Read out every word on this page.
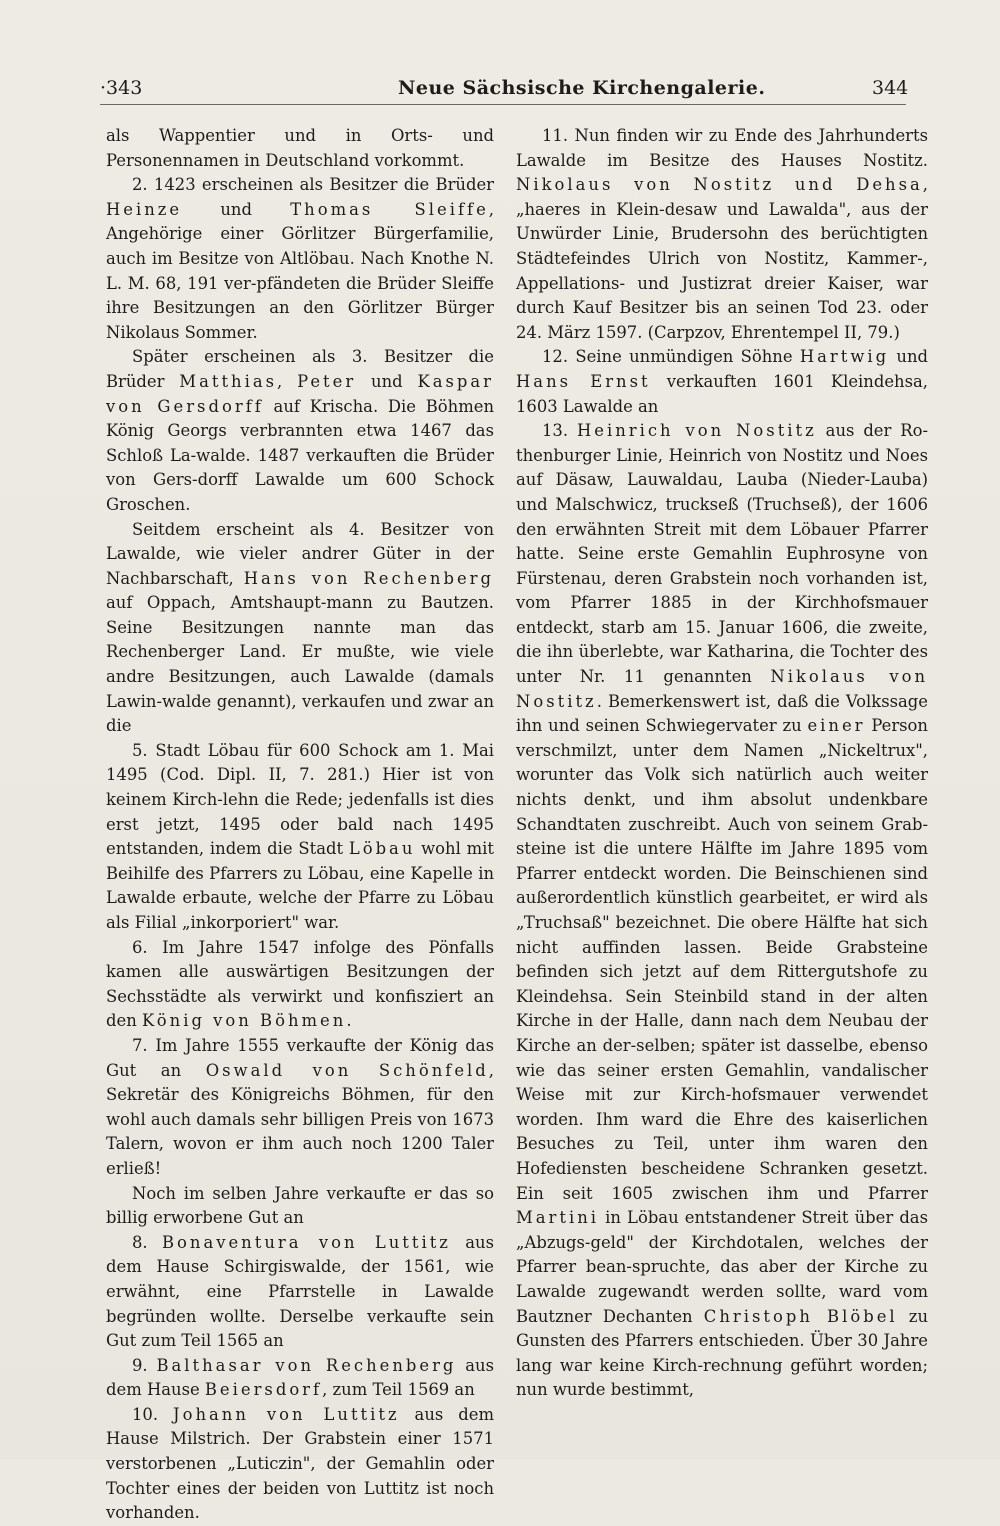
·343	Neue Sächsische Kirchengalerie.	344

als Wappentier und in Orts- und Personennamen in Deutschland vorkommt.

2. 1423 erscheinen als Besitzer die Brüder Heinze und Thomas Sleiffe, Angehörige einer Görlitzer Bürgerfamilie, auch im Besitze von Altlöbau. Nach Knothe N. L. M. 68, 191 ver-pfändeten die Brüder Sleiffe ihre Besitzungen an den Görlitzer Bürger Nikolaus Sommer.

Später erscheinen als 3. Besitzer die Brüder Matthias, Peter und Kaspar von Gersdorff auf Krischa. Die Böhmen König Georgs verbrannten etwa 1467 das Schloß La-walde. 1487 verkauften die Brüder von Gers-dorff Lawalde um 600 Schock Groschen.

Seitdem erscheint als 4. Besitzer von Lawalde, wie vieler andrer Güter in der Nachbarschaft, Hans von Rechenberg auf Oppach, Amtshaupt-mann zu Bautzen. Seine Besitzungen nannte man das Rechenberger Land. Er mußte, wie viele andre Besitzungen, auch Lawalde (damals Lawin-walde genannt), verkaufen und zwar an die

5. Stadt Löbau für 600 Schock am 1. Mai 1495 (Cod. Dipl. II, 7. 281.) Hier ist von keinem Kirch-lehn die Rede; jedenfalls ist dies erst jetzt, 1495 oder bald nach 1495 entstanden, indem die Stadt Löbau wohl mit Beihilfe des Pfarrers zu Löbau, eine Kapelle in Lawalde erbaute, welche der Pfarre zu Löbau als Filial „inkorporiert" war.

6. Im Jahre 1547 infolge des Pönfalls kamen alle auswärtigen Besitzungen der Sechsstädte als verwirkt und konfisziert an den König von Böhmen.

7. Im Jahre 1555 verkaufte der König das Gut an Oswald von Schönfeld, Sekretär des Königreichs Böhmen, für den wohl auch damals sehr billigen Preis von 1673 Talern, wovon er ihm auch noch 1200 Taler erließ!

Noch im selben Jahre verkaufte er das so billig erworbene Gut an

8. Bonaventura von Luttitz aus dem Hause Schirgiswalde, der 1561, wie erwähnt, eine Pfarrstelle in Lawalde begründen wollte. Derselbe verkaufte sein Gut zum Teil 1565 an

9. Balthasar von Rechenberg aus dem Hause Beiersdorf, zum Teil 1569 an

10. Johann von Luttitz aus dem Hause Milstrich. Der Grabstein einer 1571 verstorbenen „Luticzin", der Gemahlin oder Tochter eines der beiden von Luttitz ist noch vorhanden.

11. Nun finden wir zu Ende des Jahrhunderts Lawalde im Besitze des Hauses Nostitz. Nikolaus von Nostitz und Dehsa, „haeres in Klein-desaw und Lawalda", aus der Unwürder Linie, Brudersohn des berüchtigten Städtefeindes Ulrich von Nostitz, Kammer-, Appellations- und Justizrat dreier Kaiser, war durch Kauf Besitzer bis an seinen Tod 23. oder 24. März 1597. (Carpzov, Ehrentempel II, 79.)

12. Seine unmündigen Söhne Hartwig und Hans Ernst verkauften 1601 Kleindehsa, 1603 Lawalde an

13. Heinrich von Nostitz aus der Ro-thenburger Linie, Heinrich von Nostitz und Noes auf Däsaw, Lauwaldau, Lauba (Nieder-Lauba) und Malschwicz, truckseß (Truchseß), der 1606 den erwähnten Streit mit dem Löbauer Pfarrer hatte. Seine erste Gemahlin Euphrosyne von Fürstenau, deren Grabstein noch vorhanden ist, vom Pfarrer 1885 in der Kirchhofsmauer entdeckt, starb am 15. Januar 1606, die zweite, die ihn überlebte, war Katharina, die Tochter des unter Nr. 11 genannten Nikolaus von Nostitz. Bemerkenswert ist, daß die Volkssage ihn und seinen Schwiegervater zu einer Person verschmilzt, unter dem Namen „Nickeltrux", worunter das Volk sich natürlich auch weiter nichts denkt, und ihm absolut undenkbare Schandtaten zuschreibt. Auch von seinem Grab-steine ist die untere Hälfte im Jahre 1895 vom Pfarrer entdeckt worden. Die Beinschienen sind außerordentlich künstlich gearbeitet, er wird als „Truchsaß" bezeichnet. Die obere Hälfte hat sich nicht auffinden lassen. Beide Grabsteine befinden sich jetzt auf dem Rittergutshofe zu Kleindehsa. Sein Steinbild stand in der alten Kirche in der Halle, dann nach dem Neubau der Kirche an der-selben; später ist dasselbe, ebenso wie das seiner ersten Gemahlin, vandalischer Weise mit zur Kirch-hofsmauer verwendet worden. Ihm ward die Ehre des kaiserlichen Besuches zu Teil, unter ihm waren den Hofediensten bescheidene Schranken gesetzt. Ein seit 1605 zwischen ihm und Pfarrer Martini in Löbau entstandener Streit über das „Abzugs-geld" der Kirchdotalen, welches der Pfarrer bean-spruchte, das aber der Kirche zu Lawalde zugewandt werden sollte, ward vom Bautzner Dechanten Christoph Blöbel zu Gunsten des Pfarrers entschieden. Über 30 Jahre lang war keine Kirch-rechnung geführt worden; nun wurde bestimmt,
